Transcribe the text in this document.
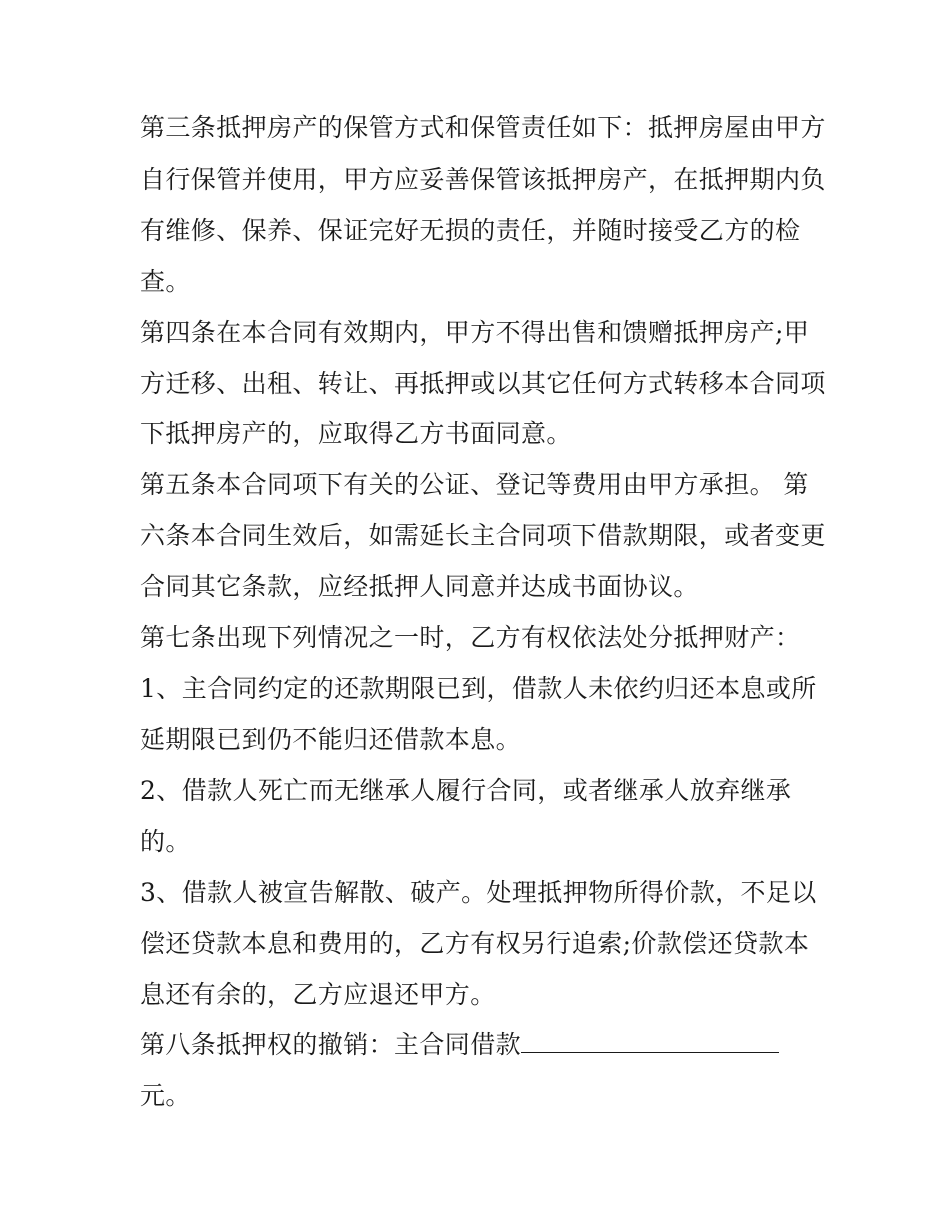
第三条抵押房产的保管方式和保管责任如下：抵押房屋由甲方
自行保管并使用，甲方应妥善保管该抵押房产，在抵押期内负
有维修、保养、保证完好无损的责任，并随时接受乙方的检
查。
第四条在本合同有效期内，甲方不得出售和馈赠抵押房产;甲
方迁移、出租、转让、再抵押或以其它任何方式转移本合同项
下抵押房产的，应取得乙方书面同意。
第五条本合同项下有关的公证、登记等费用由甲方承担。 第
六条本合同生效后，如需延长主合同项下借款期限，或者变更
合同其它条款，应经抵押人同意并达成书面协议。
第七条出现下列情况之一时，乙方有权依法处分抵押财产：
1、主合同约定的还款期限已到，借款人未依约归还本息或所
延期限已到仍不能归还借款本息。
2、借款人死亡而无继承人履行合同，或者继承人放弃继承
的。
3、借款人被宣告解散、破产。处理抵押物所得价款，不足以
偿还贷款本息和费用的，乙方有权另行追索;价款偿还贷款本
息还有余的，乙方应退还甲方。
第八条抵押权的撤销：主合同借款
元。
